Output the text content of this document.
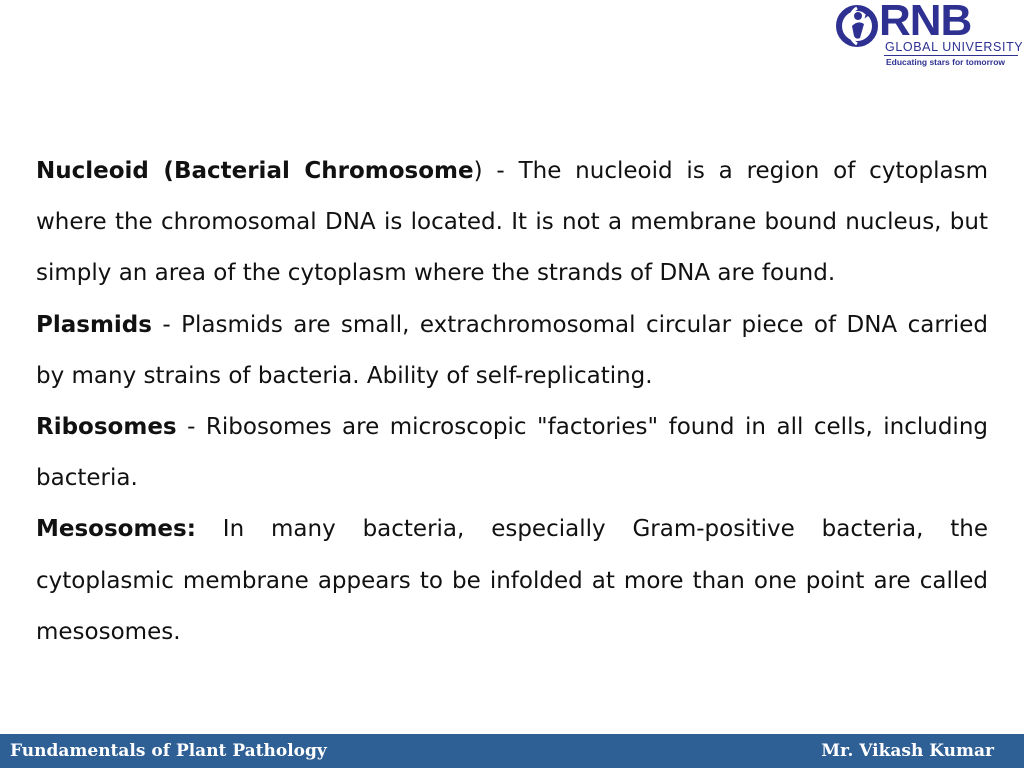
RNB
GLOBAL UNIVERSITY
Educating stars for tomorrow

Nucleoid (Bacterial Chromosome) - The nucleoid is a region of cytoplasm where the chromosomal DNA is located. It is not a membrane bound nucleus, but simply an area of the cytoplasm where the strands of DNA are found.

Plasmids - Plasmids are small, extrachromosomal circular piece of DNA carried by many strains of bacteria. Ability of self-replicating.

Ribosomes - Ribosomes are microscopic "factories" found in all cells, including bacteria.

Mesosomes: In many bacteria, especially Gram-positive bacteria, the cytoplasmic membrane appears to be infolded at more than one point are called mesosomes.

Fundamentals of Plant Pathology	Mr. Vikash Kumar
